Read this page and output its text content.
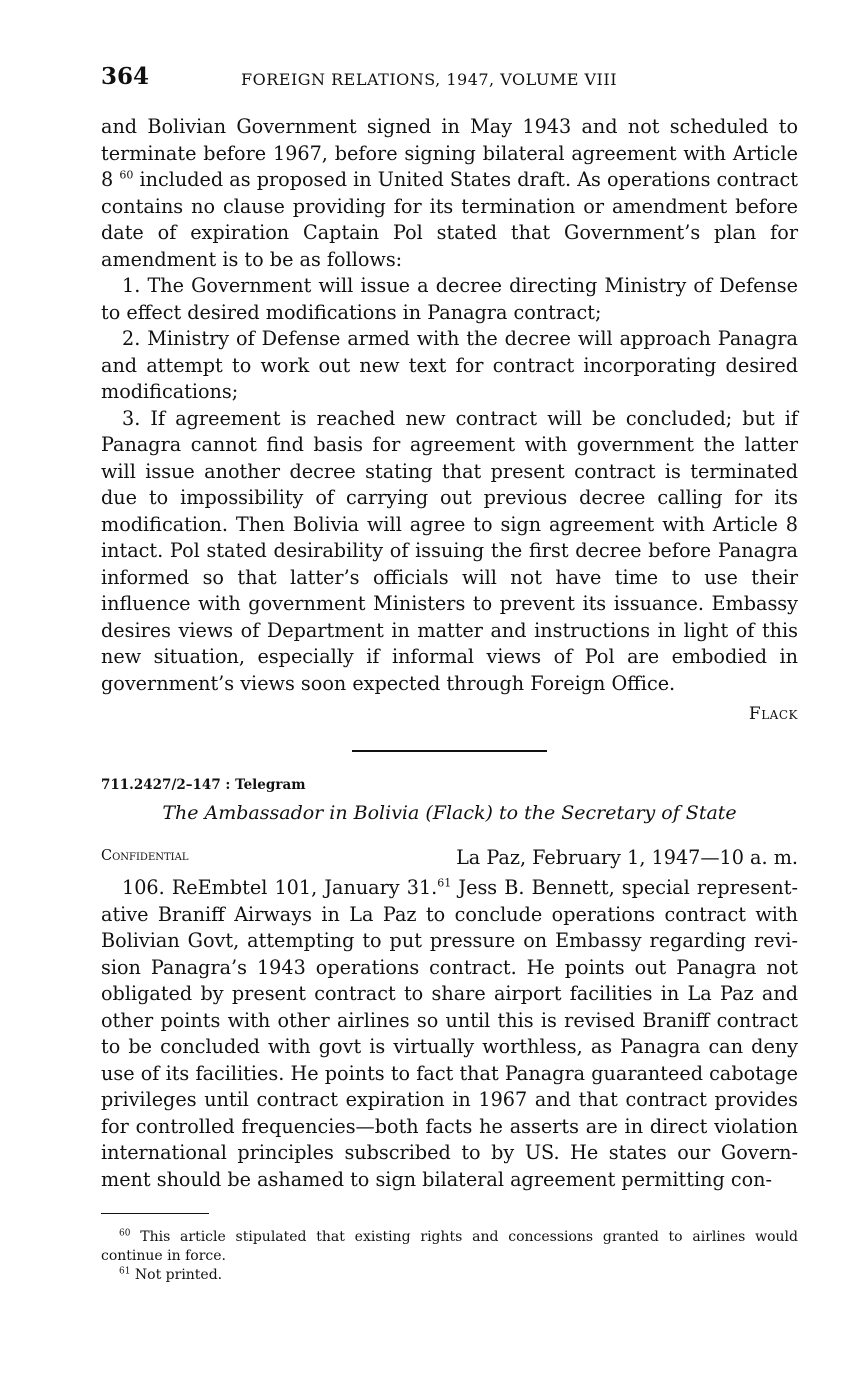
364	FOREIGN RELATIONS, 1947, VOLUME VIII

and Bolivian Government signed in May 1943 and not scheduled to terminate before 1967, before signing bilateral agreement with Article 8 $^{60}$ included as proposed in United States draft. As operations contract contains no clause providing for its termination or amendment before date of expiration Captain Pol stated that Government’s plan for amendment is to be as follows:

1. The Government will issue a decree directing Ministry of Defense to effect desired modifications in Panagra contract;

2. Ministry of Defense armed with the decree will approach Panagra and attempt to work out new text for contract incorporating desired modifications;

3. If agreement is reached new contract will be concluded; but if Panagra cannot find basis for agreement with government the latter will issue another decree stating that present contract is terminated due to impossibility of carrying out previous decree calling for its modification. Then Bolivia will agree to sign agreement with Article 8 intact. Pol stated desirability of issuing the first decree before Panagra informed so that latter’s officials will not have time to use their influence with government Ministers to prevent its issuance. Embassy desires views of Department in matter and instructions in light of this new situation, especially if informal views of Pol are embodied in government’s views soon expected through Foreign Office.

Flack
711.2427/2–147 : Telegram
The Ambassador in Bolivia (Flack) to the Secretary of State
Confidential	La Paz, February 1, 1947—10 a. m.

106. ReEmbtel 101, January 31.61 Jess B. Bennett, special representative Braniff Airways in La Paz to conclude operations contract with Bolivian Govt, attempting to put pressure on Embassy regarding revision Panagra’s 1943 operations contract. He points out Panagra not obligated by present contract to share airport facilities in La Paz and other points with other airlines so until this is revised Braniff contract to be concluded with govt is virtually worthless, as Panagra can deny use of its facilities. He points to fact that Panagra guaranteed cabotage privileges until contract expiration in 1967 and that contract provides for controlled frequencies—both facts he asserts are in direct violation international principles subscribed to by US. He states our Government should be ashamed to sign bilateral agreement permitting con-

$^{60}$ This article stipulated that existing rights and concessions granted to airlines would continue in force.

$^{61}$ Not printed.
